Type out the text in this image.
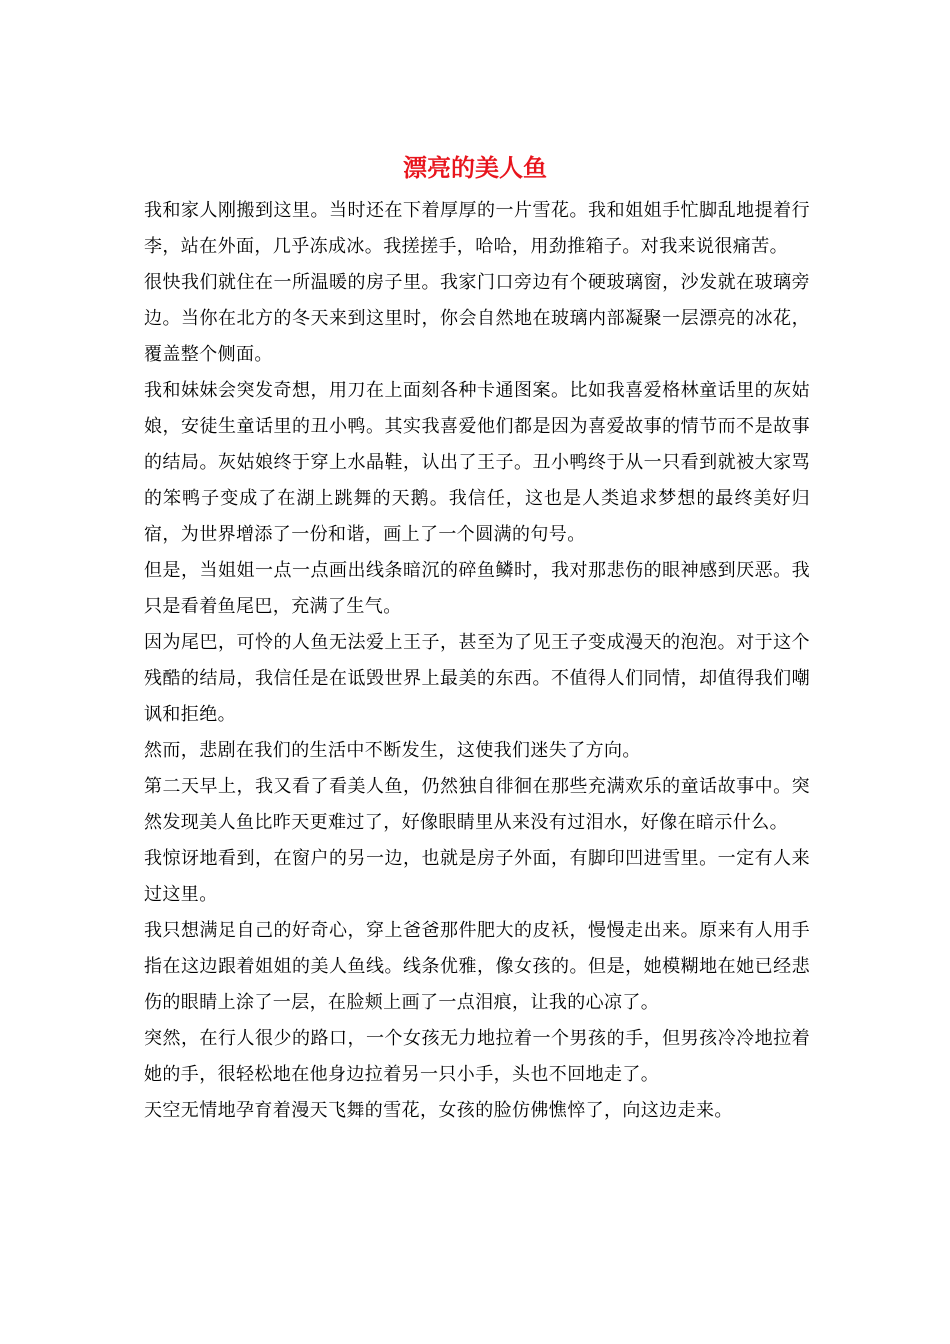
漂亮的美人鱼

我和家人刚搬到这里。当时还在下着厚厚的一片雪花。我和姐姐手忙脚乱地提着行李，站在外面，几乎冻成冰。我搓搓手，哈哈，用劲推箱子。对我来说很痛苦。

很快我们就住在一所温暖的房子里。我家门口旁边有个硬玻璃窗，沙发就在玻璃旁边。当你在北方的冬天来到这里时，你会自然地在玻璃内部凝聚一层漂亮的冰花，覆盖整个侧面。

我和妹妹会突发奇想，用刀在上面刻各种卡通图案。比如我喜爱格林童话里的灰姑娘，安徒生童话里的丑小鸭。其实我喜爱他们都是因为喜爱故事的情节而不是故事的结局。灰姑娘终于穿上水晶鞋，认出了王子。丑小鸭终于从一只看到就被大家骂的笨鸭子变成了在湖上跳舞的天鹅。我信任，这也是人类追求梦想的最终美好归宿，为世界增添了一份和谐，画上了一个圆满的句号。

但是，当姐姐一点一点画出线条暗沉的碎鱼鳞时，我对那悲伤的眼神感到厌恶。我只是看着鱼尾巴，充满了生气。

因为尾巴，可怜的人鱼无法爱上王子，甚至为了见王子变成漫天的泡泡。对于这个残酷的结局，我信任是在诋毁世界上最美的东西。不值得人们同情，却值得我们嘲讽和拒绝。

然而，悲剧在我们的生活中不断发生，这使我们迷失了方向。

第二天早上，我又看了看美人鱼，仍然独自徘徊在那些充满欢乐的童话故事中。突然发现美人鱼比昨天更难过了，好像眼睛里从来没有过泪水，好像在暗示什么。

我惊讶地看到，在窗户的另一边，也就是房子外面，有脚印凹进雪里。一定有人来过这里。

我只想满足自己的好奇心，穿上爸爸那件肥大的皮袄，慢慢走出来。原来有人用手指在这边跟着姐姐的美人鱼线。线条优雅，像女孩的。但是，她模糊地在她已经悲伤的眼睛上涂了一层，在脸颊上画了一点泪痕，让我的心凉了。

突然，在行人很少的路口，一个女孩无力地拉着一个男孩的手，但男孩冷冷地拉着她的手，很轻松地在他身边拉着另一只小手，头也不回地走了。

天空无情地孕育着漫天飞舞的雪花，女孩的脸仿佛憔悴了，向这边走来。
